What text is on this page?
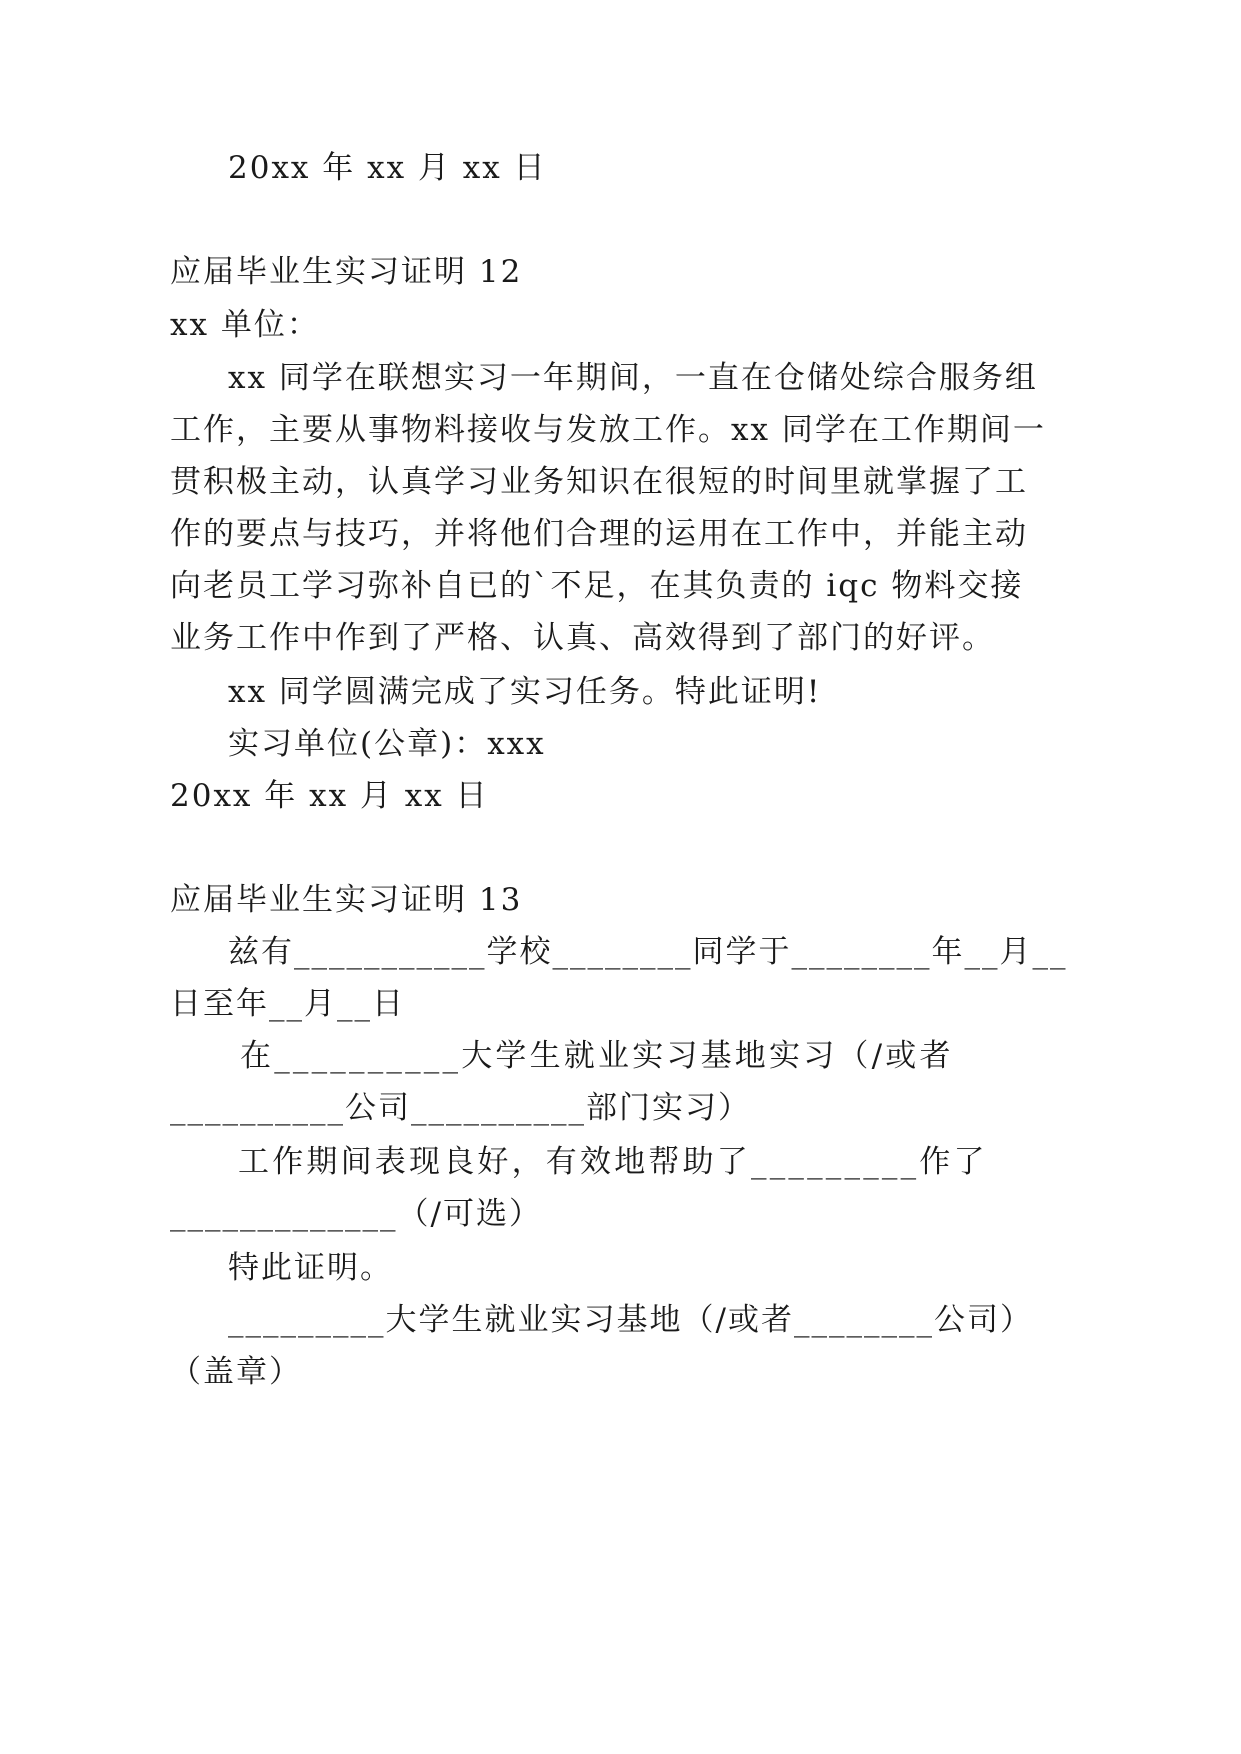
20xx 年 xx 月 xx 日
应届毕业生实习证明 12
xx 单位：
xx 同学在联想实习一年期间，一直在仓储处综合服务组
工作，主要从事物料接收与发放工作。xx 同学在工作期间一
贯积极主动，认真学习业务知识在很短的时间里就掌握了工
作的要点与技巧，并将他们合理的运用在工作中，并能主动
向老员工学习弥补自已的`不足，在其负责的 iqc 物料交接
业务工作中作到了严格、认真、高效得到了部门的好评。
xx 同学圆满完成了实习任务。特此证明!
实习单位(公章)：xxx
20xx 年 xx 月 xx 日
应届毕业生实习证明 13
兹有___________学校________同学于________年__月__
日至年__月__日
在__________大学生就业实习基地实习（/或者
__________公司__________部门实习）
工作期间表现良好，有效地帮助了_________作了
_____________（/可选）
特此证明。
_________大学生就业实习基地（/或者________公司）
（盖章）
